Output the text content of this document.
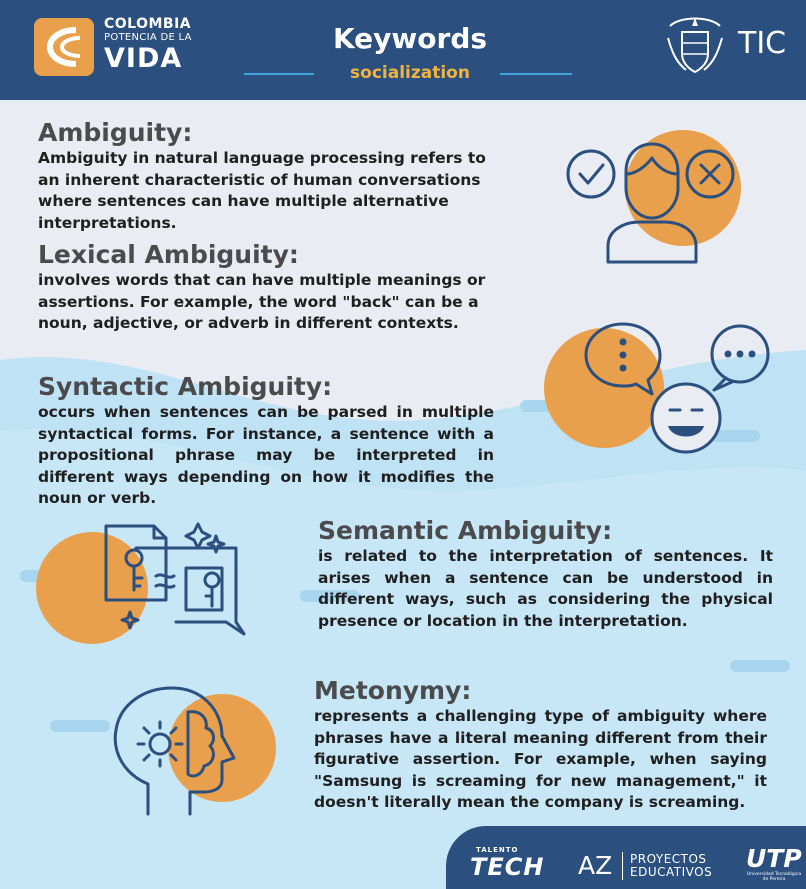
COLOMBIA
POTENCIA DE LA
VIDA
Keywords
socialization
TIC
Ambiguity:

Ambiguity in natural language processing refers to an inherent characteristic of human conversations where sentences can have multiple alternative interpretations.

Lexical Ambiguity:

involves words that can have multiple meanings or assertions. For example, the word "back" can be a noun, adjective, or adverb in different contexts.

Syntactic Ambiguity:

occurs when sentences can be parsed in multiple syntactical forms. For instance, a sentence with a propositional phrase may be interpreted in different ways depending on how it modifies the noun or verb.

Semantic Ambiguity:

is related to the interpretation of sentences. It arises when a sentence can be understood in different ways, such as considering the physical presence or location in the interpretation.

Metonymy:

represents a challenging type of ambiguity where phrases have a literal meaning different from their figurative assertion. For example, when saying "Samsung is screaming for new management," it doesn't literally mean the company is screaming.

TALENTO
TECH AZ PROYECTOS
EDUCATIVOS UTP
Universidad Tecnológica de Pereira
